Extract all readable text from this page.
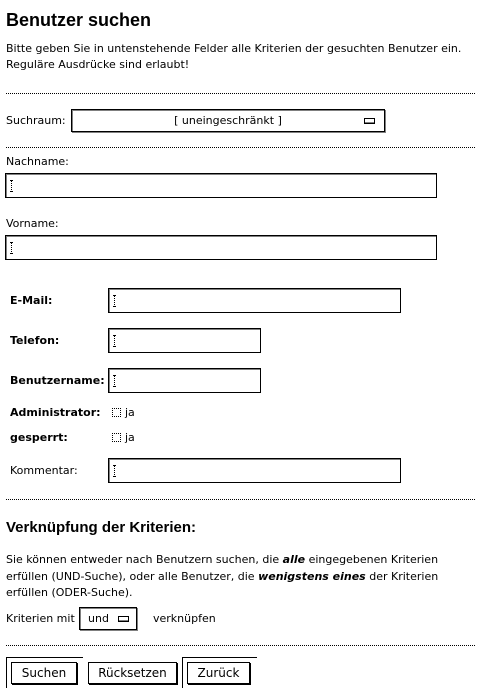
Benutzer suchen
Bitte geben Sie in untenstehende Felder alle Kriterien der gesuchten Benutzer ein.
Reguläre Ausdrücke sind erlaubt!
Suchraum:	[ uneingeschränkt ]
Nachname:
Vorname:
E-Mail:
Telefon:
Benutzername:
Administrator: ja
gesperrt:	ja
Kommentar:
Verknüpfung der Kriterien:
Sie können entweder nach Benutzern suchen, die alle eingegebenen Kriterien
erfüllen (UND-Suche), oder alle Benutzer, die wenigstens eines der Kriterien
erfüllen (ODER-Suche).
Kriterien mit	und	verknüpfen
Suchen	Rücksetzen	Zurück
